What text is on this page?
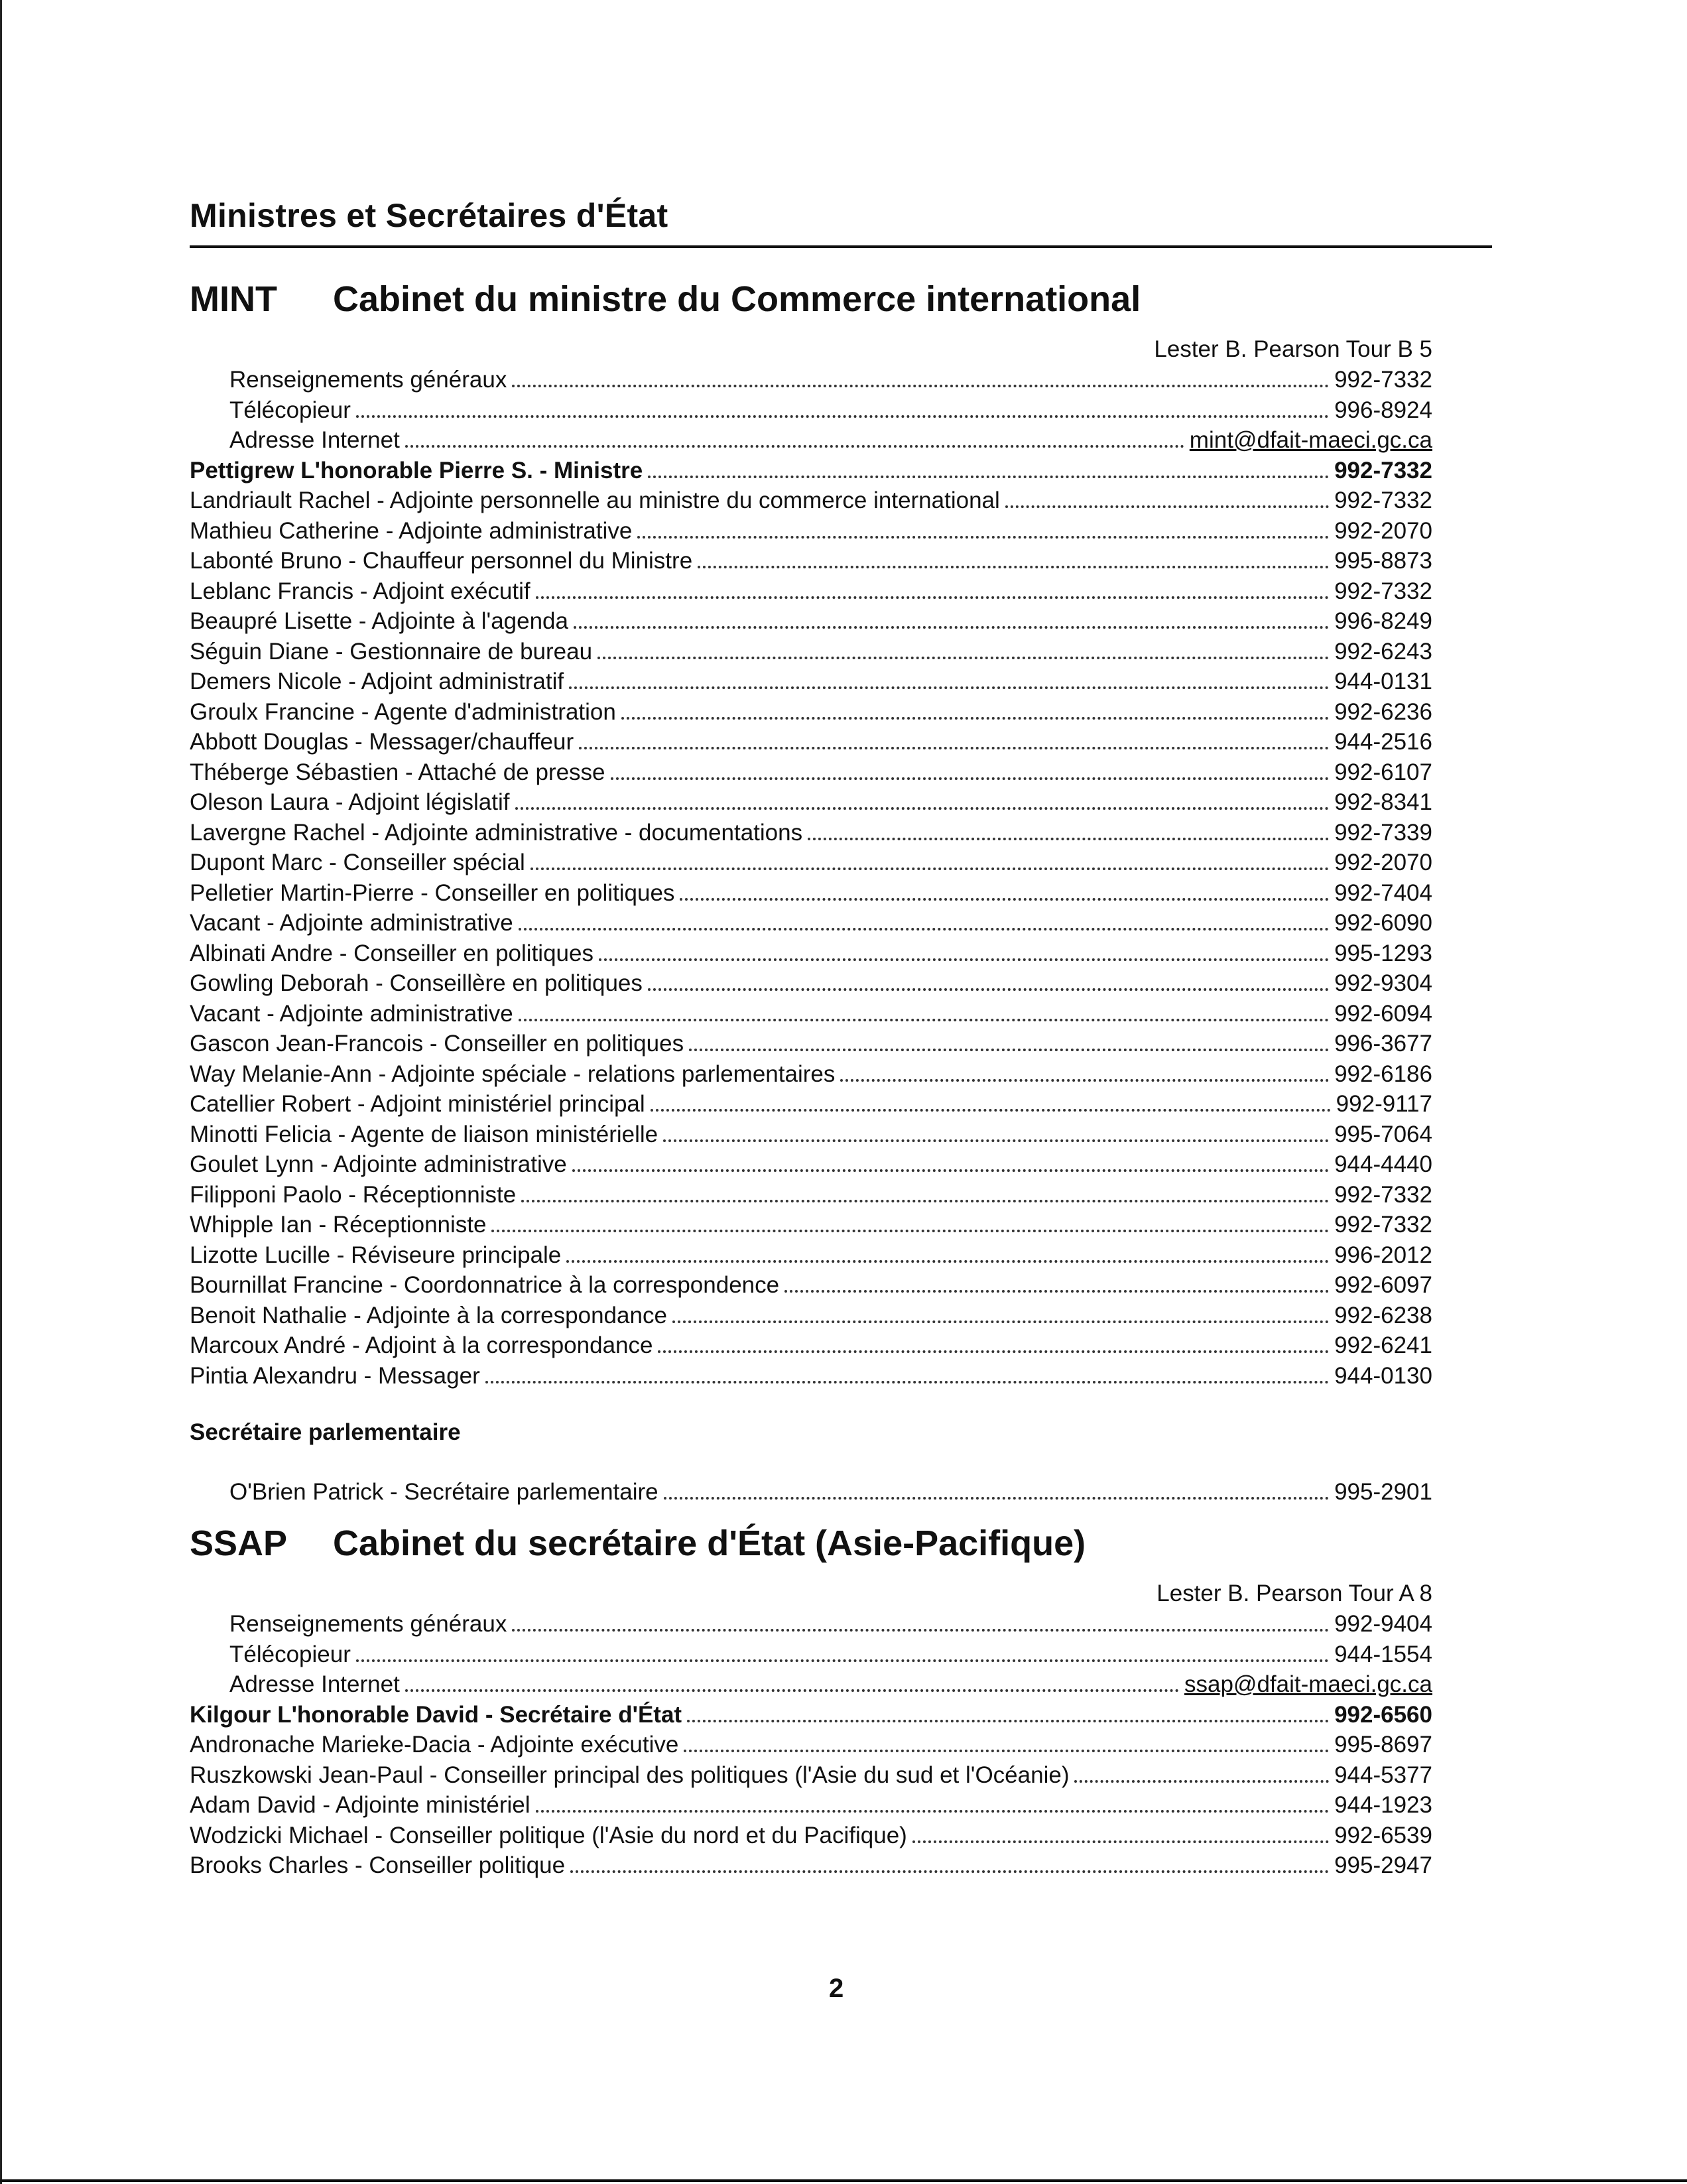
Ministres et Secrétaires d'État
MINT Cabinet du ministre du Commerce international
Lester B. Pearson Tour B 5
Renseignements généraux	992-7332
Télécopieur	996-8924
Adresse Internet	mint@dfait-maeci.gc.ca
Pettigrew L'honorable Pierre S. - Ministre	992-7332
Landriault Rachel - Adjointe personnelle au ministre du commerce international	992-7332
Mathieu Catherine - Adjointe administrative	992-2070
Labonté Bruno - Chauffeur personnel du Ministre	995-8873
Leblanc Francis - Adjoint exécutif	992-7332
Beaupré Lisette - Adjointe à l'agenda	996-8249
Séguin Diane - Gestionnaire de bureau	992-6243
Demers Nicole - Adjoint administratif	944-0131
Groulx Francine - Agente d'administration	992-6236
Abbott Douglas - Messager/chauffeur	944-2516
Théberge Sébastien - Attaché de presse	992-6107
Oleson Laura - Adjoint législatif	992-8341
Lavergne Rachel - Adjointe administrative - documentations	992-7339
Dupont Marc - Conseiller spécial	992-2070
Pelletier Martin-Pierre - Conseiller en politiques	992-7404
Vacant - Adjointe administrative	992-6090
Albinati Andre - Conseiller en politiques	995-1293
Gowling Deborah - Conseillère en politiques	992-9304
Vacant - Adjointe administrative	992-6094
Gascon Jean-Francois - Conseiller en politiques	996-3677
Way Melanie-Ann - Adjointe spéciale - relations parlementaires	992-6186
Catellier Robert - Adjoint ministériel principal	992-9117
Minotti Felicia - Agente de liaison ministérielle	995-7064
Goulet Lynn - Adjointe administrative	944-4440
Filipponi Paolo - Réceptionniste	992-7332
Whipple Ian - Réceptionniste	992-7332
Lizotte Lucille - Réviseure principale	996-2012
Bournillat Francine - Coordonnatrice à la correspondence	992-6097
Benoit Nathalie - Adjointe à la correspondance	992-6238
Marcoux André - Adjoint à la correspondance	992-6241
Pintia Alexandru - Messager	944-0130
Secrétaire parlementaire
O'Brien Patrick - Secrétaire parlementaire	995-2901
SSAP Cabinet du secrétaire d'État (Asie-Pacifique)
Lester B. Pearson Tour A 8
Renseignements généraux	992-9404
Télécopieur	944-1554
Adresse Internet	ssap@dfait-maeci.gc.ca
Kilgour L'honorable David - Secrétaire d'État	992-6560
Andronache Marieke-Dacia - Adjointe exécutive	995-8697
Ruszkowski Jean-Paul - Conseiller principal des politiques (l'Asie du sud et l'Océanie)	944-5377
Adam David - Adjointe ministériel	944-1923
Wodzicki Michael - Conseiller politique (l'Asie du nord et du Pacifique)	992-6539
Brooks Charles - Conseiller politique	995-2947
2
